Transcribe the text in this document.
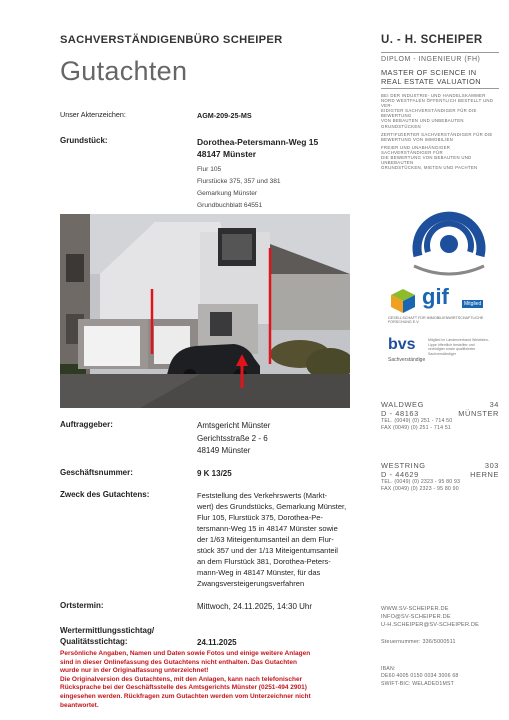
SACHVERSTÄNDIGENBÜRO SCHEIPER
Gutachten
Unser Aktenzeichen:	AGM-209-25-MS
Grundstück:	Dorothea-Petersmann-Weg 15
48147 Münster
Flur 105
Flurstücke 375, 357 und 381
Gemarkung Münster
Grundbuchblatt 64551
Auftraggeber:	Amtsgericht Münster
Gerichtsstraße 2 - 6
48149 Münster
Geschäftsnummer:	9 K 13/25
Zweck des Gutachtens:	Feststellung des Verkehrswerts (Markt-
wert) des Grundstücks, Gemarkung Münster,
Flur 105, Flurstück 375, Dorothea-Pe-
tersmann-Weg 15 in 48147 Münster sowie
der 1/63 Miteigentumsanteil an dem Flur-
stück 357 und der 1/13 Miteigentumsanteil
an dem Flurstück 381, Dorothea-Peters-
mann-Weg in 48147 Münster, für das
Zwangsversteigerungsverfahren
Ortstermin:	Mittwoch, 24.11.2025, 14:30 Uhr
Wertermittlungsstichtag/
Qualitätsstichtag:	24.11.2025
Persönliche Angaben, Namen und Daten sowie Fotos und einige weitere Anlagen
sind in dieser Onlinefassung des Gutachtens nicht enthalten. Das Gutachten
wurde nur in der Originalfassung unterzeichnet!
Die Originalversion des Gutachtens, mit den Anlagen, kann nach telefonischer
Rücksprache bei der Geschäftsstelle des Amtsgerichts Münster (0251-494 2901)
eingesehen werden. Rückfragen zum Gutachten werden vom Unterzeichner nicht
beantwortet.
U. - H. SCHEIPER
DIPLOM - INGENIEUR (FH)
MASTER OF SCIENCE IN
REAL ESTATE VALUATION
BEI DER INDUSTRIE- UND HANDELSKAMMER
NORD WESTFALEN ÖFFENTLICH BESTELLT UND VER-
EIDIGTER SACHVERSTÄNDIGER FÜR DIE BEWERTUNG
VON BEBAUTEN UND UNBEBAUTEN GRUNDSTÜCKEN
ZERTIFIZIERTER SACHVERSTÄNDIGER FÜR DIE
BEWERTUNG VON IMMOBILIEN
FREIER UND UNABHÄNGIGER SACHVERSTÄNDIGER FÜR
DIE BEWERTUNG VON BEBAUTEN UND UNBEBAUTEN
GRUNDSTÜCKEN, MIETEN UND PACHTEN
gif	Mitglied
GESELLSCHAFT FÜR IMMOBILIENWIRTSCHAFTLICHE FORSCHUNG E.V.
bvs
Sachverständige
Mitglied im Landesverband Westfalen-Lippe öffentlich bestellter und vereidigter sowie qualifizierter Sachverständiger
WALDWEG	34
D - 48163	MÜNSTER
TEL. (0049) (0) 251 - 714 50
FAX (0049) (0) 251 - 714 51
WESTRING	303
D - 44629	HERNE
TEL. (0049) (0) 2323 - 95 80 93
FAX (0049) (0) 2323 - 95 80 90
WWW.SV-SCHEIPER.DE
INFO@SV-SCHEIPER.DE
U-H.SCHEIPER@SV-SCHEIPER.DE
Steuernummer: 336/5000511
IBAN:
DE60 4005 0150 0034 3006 68
SWIFT-BIC: WELADED1MST
